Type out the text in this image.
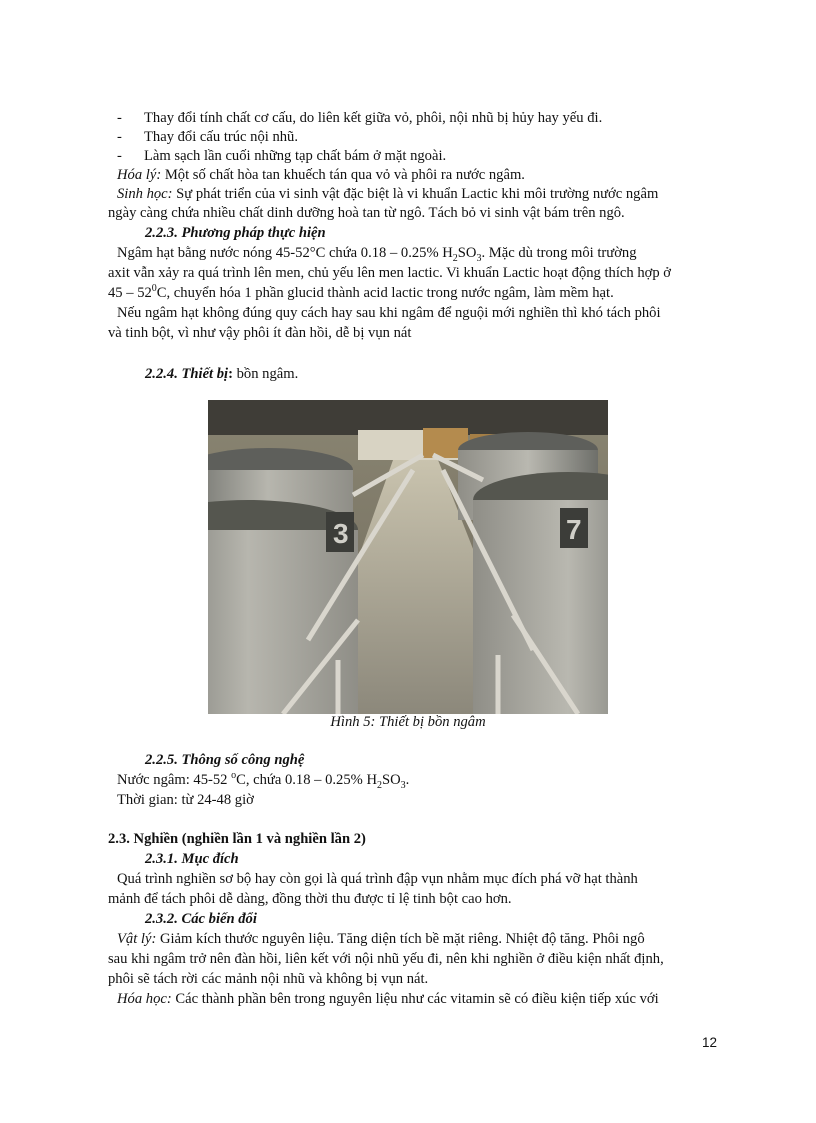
- Thay đổi tính chất cơ cấu, do liên kết giữa vỏ, phôi, nội nhũ bị hủy hay yếu đi.
- Thay đổi cấu trúc nội nhũ.
- Làm sạch lần cuối những tạp chất bám ở mặt ngoài.
Hóa lý: Một số chất hòa tan khuếch tán qua vỏ và phôi ra nước ngâm.
Sinh học: Sự phát triển của vi sinh vật đặc biệt là vi khuẩn Lactic khi môi trường nước ngâm
ngày càng chứa nhiều chất dinh dưỡng hoà tan từ ngô. Tách bỏ vi sinh vật bám trên ngô.
2.2.3. Phương pháp thực hiện
Ngâm hạt bằng nước nóng 45-52°C chứa 0.18 – 0.25% $H_2SO_3$. Mặc dù trong môi trường
axit vẫn xảy ra quá trình lên men, chủ yếu lên men lactic. Vi khuẩn Lactic hoạt động thích hợp ở
$45 - 52^0C$, chuyển hóa 1 phần glucid thành acid lactic trong nước ngâm, làm mềm hạt.
Nếu ngâm hạt không đúng quy cách hay sau khi ngâm để nguội mới nghiền thì khó tách phôi
và tinh bột, vì như vậy phôi ít đàn hồi, dễ bị vụn nát
2.2.4. Thiết bị: bồn ngâm.
3	7
Hình 5: Thiết bị bồn ngâm
2.2.5. Thông số công nghệ
Nước ngâm: 45-52 $^o$C, chứa 0.18 – 0.25% $H_2SO_3$.
Thời gian: từ 24-48 giờ
2.3. Nghiền (nghiền lần 1 và nghiền lần 2)
2.3.1. Mục đích
Quá trình nghiền sơ bộ hay còn gọi là quá trình đập vụn nhằm mục đích phá vỡ hạt thành
mảnh để tách phôi dễ dàng, đồng thời thu được tỉ lệ tinh bột cao hơn.
2.3.2. Các biến đổi
Vật lý: Giảm kích thước nguyên liệu. Tăng diện tích bề mặt riêng. Nhiệt độ tăng. Phôi ngô
sau khi ngâm trở nên đàn hồi, liên kết với nội nhũ yếu đi, nên khi nghiền ở điều kiện nhất định,
phôi sẽ tách rời các mảnh nội nhũ và không bị vụn nát.
Hóa học: Các thành phần bên trong nguyên liệu như các vitamin sẽ có điều kiện tiếp xúc với
12
